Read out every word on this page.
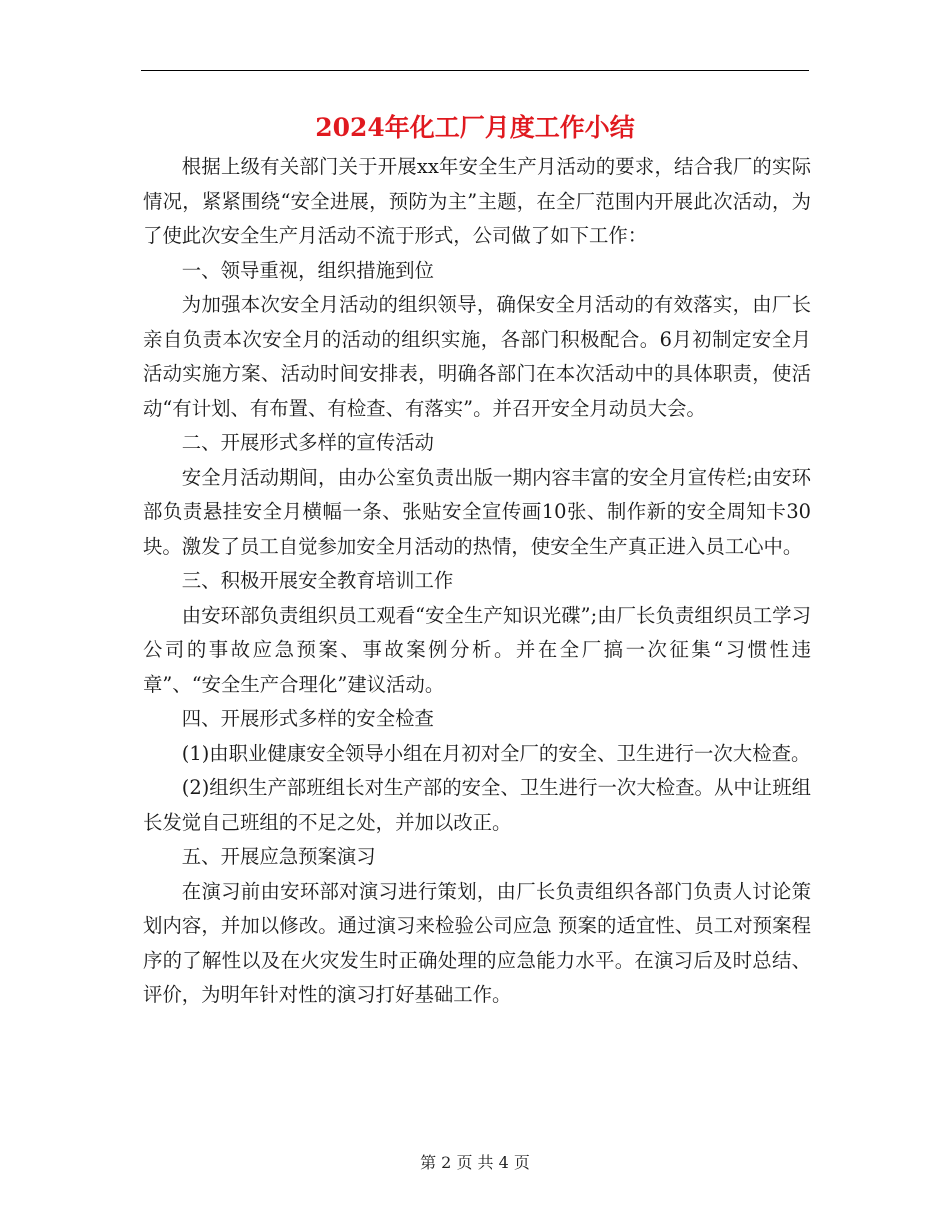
2024年化工厂月度工作小结

根据上级有关部门关于开展xx年安全生产月活动的要求，结合我厂的实际情况，紧紧围绕“安全进展，预防为主”主题，在全厂范围内开展此次活动，为了使此次安全生产月活动不流于形式，公司做了如下工作：

一、领导重视，组织措施到位

为加强本次安全月活动的组织领导，确保安全月活动的有效落实，由厂长亲自负责本次安全月的活动的组织实施，各部门积极配合。6月初制定安全月活动实施方案、活动时间安排表，明确各部门在本次活动中的具体职责，使活动“有计划、有布置、有检查、有落实”。并召开安全月动员大会。

二、开展形式多样的宣传活动

安全月活动期间，由办公室负责出版一期内容丰富的安全月宣传栏;由安环部负责悬挂安全月横幅一条、张贴安全宣传画10张、制作新的安全周知卡30块。激发了员工自觉参加安全月活动的热情，使安全生产真正进入员工心中。

三、积极开展安全教育培训工作

由安环部负责组织员工观看“安全生产知识光碟”;由厂长负责组织员工学习公司的事故应急预案、事故案例分析。并在全厂搞一次征集“习惯性违章”、“安全生产合理化”建议活动。

四、开展形式多样的安全检查

(1)由职业健康安全领导小组在月初对全厂的安全、卫生进行一次大检查。

(2)组织生产部班组长对生产部的安全、卫生进行一次大检查。从中让班组长发觉自己班组的不足之处，并加以改正。

五、开展应急预案演习

在演习前由安环部对演习进行策划，由厂长负责组织各部门负责人讨论策划内容，并加以修改。通过演习来检验公司应急 预案的适宜性、员工对预案程序的了解性以及在火灾发生时正确处理的应急能力水平。在演习后及时总结、评价，为明年针对性的演习打好基础工作。

第 2 页 共 4 页
